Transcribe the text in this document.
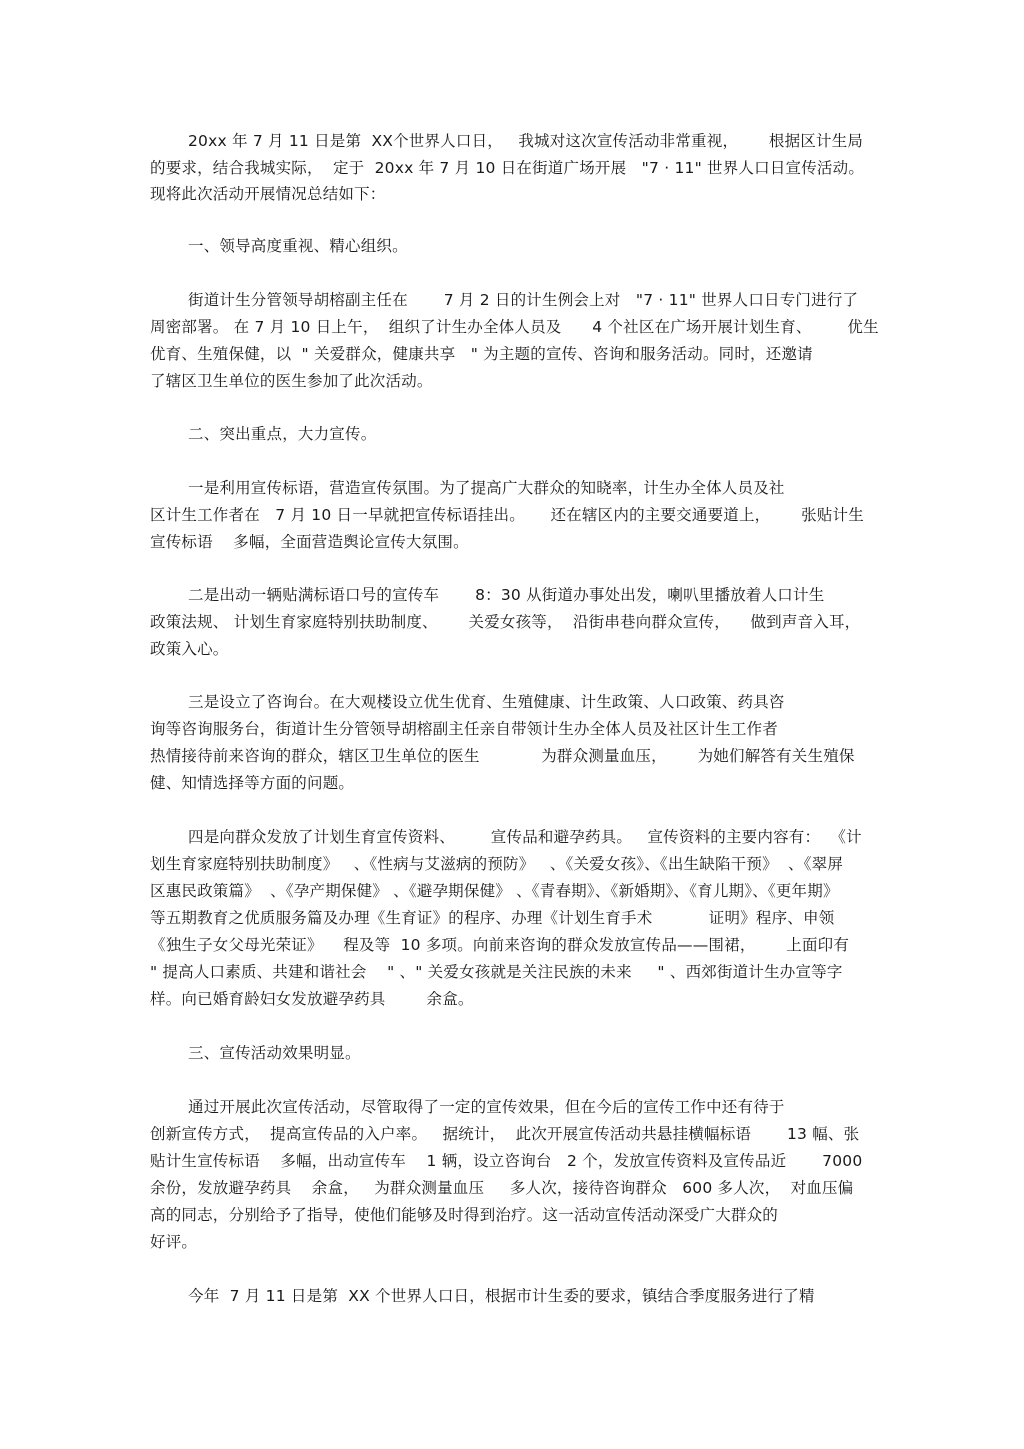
20xx 年 7 月 11 日是第  XX个世界人口日，   我城对这次宣传活动非常重视，      根据区计生局
的要求，结合我城实际，  定于  20xx 年 7 月 10 日在街道广场开展   "7 · 11" 世界人口日宣传活动。
现将此次活动开展情况总结如下：
一、领导高度重视、精心组织。
街道计生分管领导胡榕副主任在       7 月 2 日的计生例会上对   "7 · 11" 世界人口日专门进行了
周密部署。 在 7 月 10 日上午，  组织了计生办全体人员及      4 个社区在广场开展计划生育、       优生
优育、生殖保健，以  " 关爱群众，健康共享   " 为主题的宣传、咨询和服务活动。同时，还邀请
了辖区卫生单位的医生参加了此次活动。
二、突出重点，大力宣传。
一是利用宣传标语，营造宣传氛围。为了提高广大群众的知晓率，计生办全体人员及社
区计生工作者在   7 月 10 日一早就把宣传标语挂出。     还在辖区内的主要交通要道上，      张贴计生
宣传标语    多幅，全面营造舆论宣传大氛围。
二是出动一辆贴满标语口号的宣传车       8：30 从街道办事处出发，喇叭里播放着人口计生
政策法规、 计划生育家庭特别扶助制度、      关爱女孩等，  沿街串巷向群众宣传，    做到声音入耳，
政策入心。
三是设立了咨询台。在大观楼设立优生优育、生殖健康、计生政策、人口政策、药具咨
询等咨询服务台，街道计生分管领导胡榕副主任亲自带领计生办全体人员及社区计生工作者
热情接待前来咨询的群众，辖区卫生单位的医生            为群众测量血压，      为她们解答有关生殖保
健、知情选择等方面的问题。
四是向群众发放了计划生育宣传资料、       宣传品和避孕药具。   宣传资料的主要内容有：  《计
划生育家庭特别扶助制度》   、《性病与艾滋病的预防》   、《关爱女孩》、《出生缺陷干预》  、《翠屏
区惠民政策篇》  、《孕产期保健》 、《避孕期保健》 、《青春期》、《新婚期》、《育儿期》、《更年期》
等五期教育之优质服务篇及办理《生育证》的程序、办理《计划生育手术           证明》程序、申领
《独生子女父母光荣证》    程及等  10 多项。向前来咨询的群众发放宣传品——围裙，      上面印有
" 提高人口素质、共建和谐社会    " 、" 关爱女孩就是关注民族的未来     " 、西郊街道计生办宣等字
样。向已婚育龄妇女发放避孕药具        余盒。
三、宣传活动效果明显。
通过开展此次宣传活动，尽管取得了一定的宣传效果，但在今后的宣传工作中还有待于
创新宣传方式，  提高宣传品的入户率。   据统计，  此次开展宣传活动共悬挂横幅标语       13 幅、张
贴计生宣传标语    多幅，出动宣传车    1 辆，设立咨询台   2 个，发放宣传资料及宣传品近       7000
余份，发放避孕药具    余盒，   为群众测量血压     多人次，接待咨询群众   600 多人次，  对血压偏
高的同志，分别给予了指导，使他们能够及时得到治疗。这一活动宣传活动深受广大群众的
好评。
今年  7 月 11 日是第  XX 个世界人口日，根据市计生委的要求，镇结合季度服务进行了精
